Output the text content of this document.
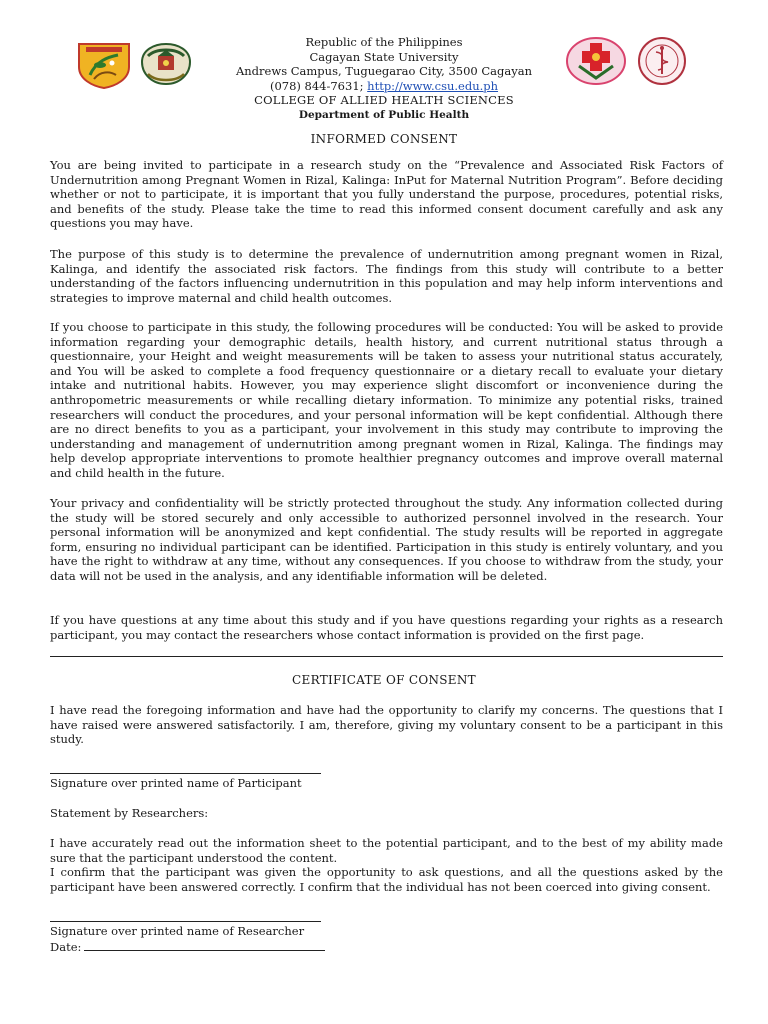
Republic of the Philippines
Cagayan State University
Andrews Campus, Tuguegarao City, 3500 Cagayan
(078) 844-7631; http://www.csu.edu.ph
COLLEGE OF ALLIED HEALTH SCIENCES
Department of Public Health
INFORMED CONSENT

You are being invited to participate in a research study on the “Prevalence and Associated Risk Factors of Undernutrition among Pregnant Women in Rizal, Kalinga: InPut for Maternal Nutrition Program”. Before deciding whether or not to participate, it is important that you fully understand the purpose, procedures, potential risks, and benefits of the study. Please take the time to read this informed consent document carefully and ask any questions you may have.

The purpose of this study is to determine the prevalence of undernutrition among pregnant women in Rizal, Kalinga, and identify the associated risk factors. The findings from this study will contribute to a better understanding of the factors influencing undernutrition in this population and may help inform interventions and strategies to improve maternal and child health outcomes.

If you choose to participate in this study, the following procedures will be conducted: You will be asked to provide information regarding your demographic details, health history, and current nutritional status through a questionnaire, your Height and weight measurements will be taken to assess your nutritional status accurately, and You will be asked to complete a food frequency questionnaire or a dietary recall to evaluate your dietary intake and nutritional habits. However, you may experience slight discomfort or inconvenience during the anthropometric measurements or while recalling dietary information. To minimize any potential risks, trained researchers will conduct the procedures, and your personal information will be kept confidential. Although there are no direct benefits to you as a participant, your involvement in this study may contribute to improving the understanding and management of undernutrition among pregnant women in Rizal, Kalinga. The findings may help develop appropriate interventions to promote healthier pregnancy outcomes and improve overall maternal and child health in the future.

Your privacy and confidentiality will be strictly protected throughout the study. Any information collected during the study will be stored securely and only accessible to authorized personnel involved in the research. Your personal information will be anonymized and kept confidential. The study results will be reported in aggregate form, ensuring no individual participant can be identified. Participation in this study is entirely voluntary, and you have the right to withdraw at any time, without any consequences. If you choose to withdraw from the study, your data will not be used in the analysis, and any identifiable information will be deleted.

If you have questions at any time about this study and if you have questions regarding your rights as a research participant, you may contact the researchers whose contact information is provided on the first page.

CERTIFICATE OF CONSENT

I have read the foregoing information and have had the opportunity to clarify my concerns. The questions that I have raised were answered satisfactorily. I am, therefore, giving my voluntary consent to be a participant in this study.

Signature over printed name of Participant
Statement by Researchers:

I have accurately read out the information sheet to the potential participant, and to the best of my ability made sure that the participant understood the content.

I confirm that the participant was given the opportunity to ask questions, and all the questions asked by the participant have been answered correctly. I confirm that the individual has not been coerced into giving consent.

Signature over printed name of Researcher
Date:
